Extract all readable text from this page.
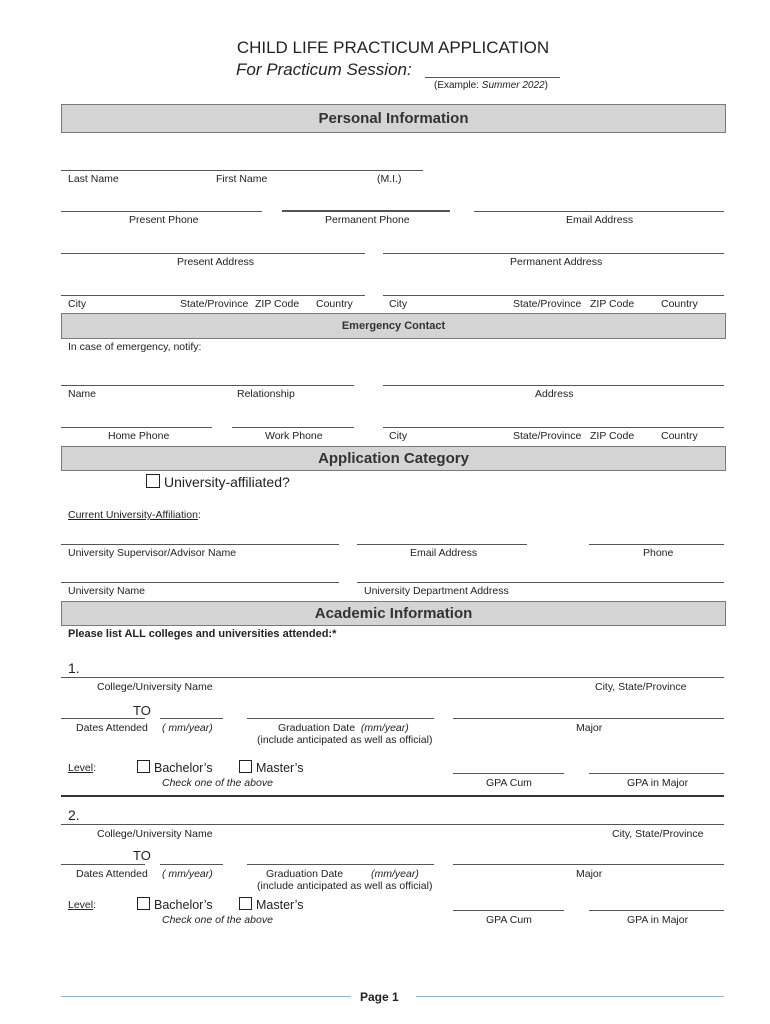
CHILD LIFE PRACTICUM APPLICATION
For Practicum Session:
(Example: Summer 2022)
Personal Information
Last Name	First Name	(M.I.)
Present Phone	Permanent Phone	Email Address
Present Address	Permanent Address
City	State/Province ZIP Code Country	City	State/Province ZIP Code	Country
Emergency Contact
In case of emergency, notify:
Name	Relationship	Address
Home Phone	Work Phone	City	State/Province ZIP Code	Country
Application Category
University-affiliated?
Current University-Affiliation:
University Supervisor/Advisor Name	Email Address	Phone
University Name	University Department Address
Academic Information
Please list ALL colleges and universities attended:*
1.
College/University Name	City, State/Province
TO
Dates Attended ( mm/year)	Graduation Date (mm/year)
(include anticipated as well as official)
Major
Level:	Bachelor’s	Master’s
Check one of the above	GPA Cum	GPA in Major
2.
College/University Name	City, State/Province
TO
Dates Attended ( mm/year)	Graduation Date	(mm/year)
(include anticipated as well as official)
Major
Level:	Bachelor’s	Master’s
Check one of the above	GPA Cum	GPA in Major
Page 1
